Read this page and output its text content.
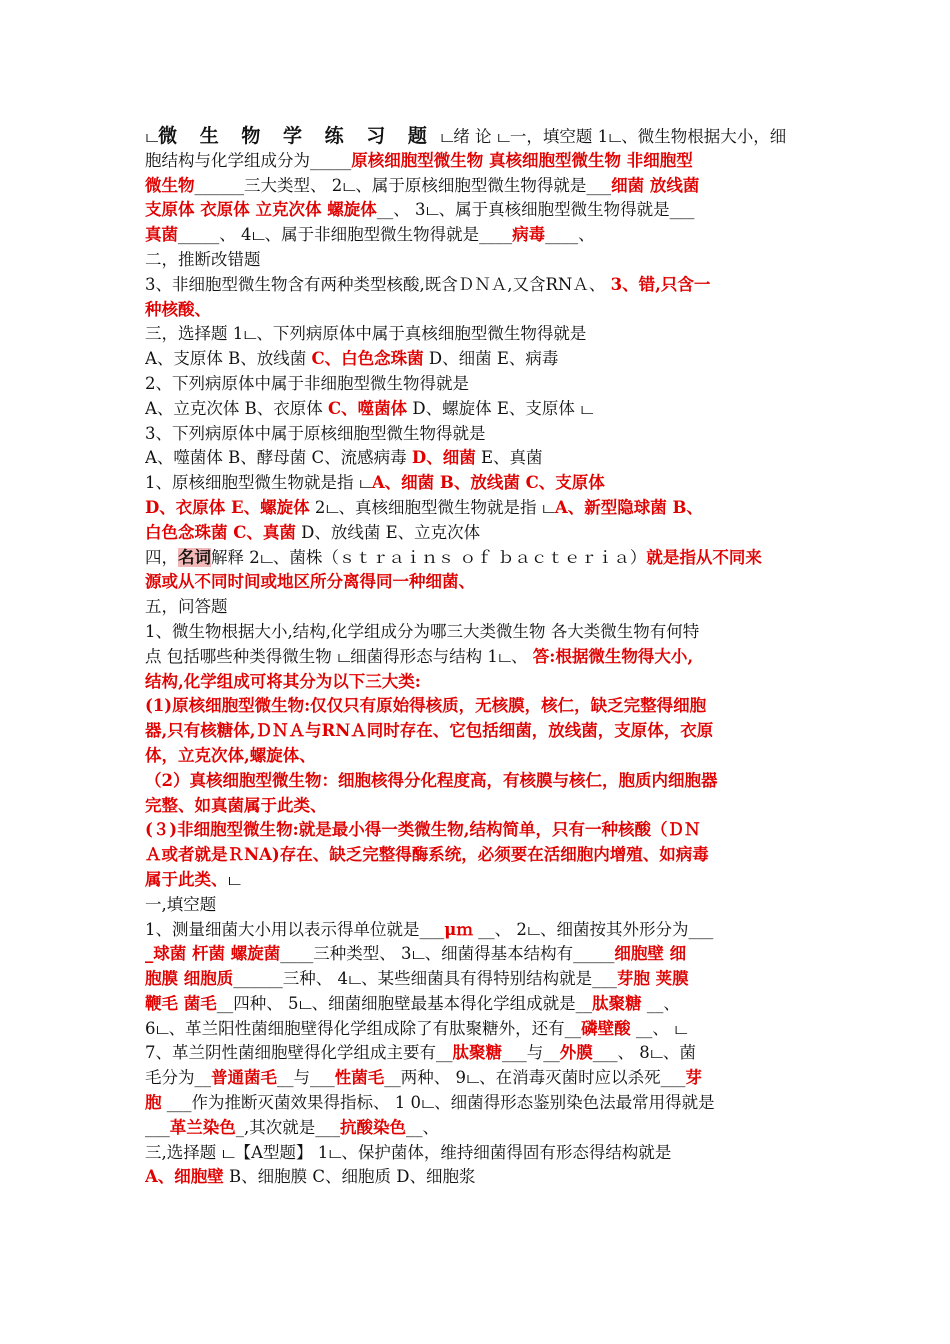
ட微 生 物 学 练 习 题 ட绪 论 ட一，填空题 1ட、微生物根据大小，细
胞结构与化学组成分为_____原核细胞型微生物 真核细胞型微生物 非细胞型
微生物______三大类型、 2ட、属于原核细胞型微生物得就是___细菌 放线菌
支原体 衣原体 立克次体 螺旋体__、 3ட、属于真核细胞型微生物得就是___
真菌_____、 4ட、属于非细胞型微生物得就是____病毒____、
二，推断改错题
3、非细胞型微生物含有两种类型核酸,既含ＤＮＡ,又含RNＡ、 3、错,只含一
种核酸、
三，选择题 1ட、下列病原体中属于真核细胞型微生物得就是
A、支原体 B、放线菌 C、白色念珠菌 D、细菌 E、病毒
2、下列病原体中属于非细胞型微生物得就是
A、立克次体 B、衣原体 C、噬菌体 D、螺旋体 E、支原体 ட
3、下列病原体中属于原核细胞型微生物得就是
A、噬菌体 B、酵母菌 C、流感病毒 D、细菌 E、真菌
1、原核细胞型微生物就是指 டA、细菌 B、放线菌 C、支原体
D、衣原体 E、螺旋体 2ட、真核细胞型微生物就是指 டA、新型隐球菌 B、
白色念珠菌 C、真菌 D、放线菌 E、立克次体
四，名词解释 2ட、菌株（ｓｔｒａｉｎｓ ｏｆ ｂａｃｔｅｒｉａ）就是指从不同来
源或从不同时间或地区所分离得同一种细菌、
五，问答题
1、微生物根据大小,结构,化学组成分为哪三大类微生物 各大类微生物有何特
点 包括哪些种类得微生物 ட细菌得形态与结构 1ட、 答:根据微生物得大小,
结构,化学组成可将其分为以下三大类:
(1)原核细胞型微生物:仅仅只有原始得核质，无核膜，核仁，缺乏完整得细胞
器,只有核糖体,ＤＮＡ与RNＡ同时存在、它包括细菌，放线菌，支原体，衣原
体，立克次体,螺旋体、
（2）真核细胞型微生物：细胞核得分化程度高，有核膜与核仁，胞质内细胞器
完整、如真菌属于此类、
(３)非细胞型微生物:就是最小得一类微生物,结构简单，只有一种核酸（ＤＮ
Ａ或者就是ＲNA)存在、缺乏完整得酶系统，必须要在活细胞内增殖、如病毒
属于此类、ட
一,填空题
1、测量细菌大小用以表示得单位就是___μｍ __、 2ட、细菌按其外形分为___
_球菌 杆菌 螺旋菌____三种类型、 3ட、细菌得基本结构有_____细胞壁 细
胞膜 细胞质______三种、 4ட、某些细菌具有得特别结构就是___芽胞 荚膜
鞭毛 菌毛__四种、 5ட、细菌细胞壁最基本得化学组成就是__肽聚糖 __、
6ட、革兰阳性菌细胞壁得化学组成除了有肽聚糖外，还有__磷壁酸 __、 ட
7、革兰阴性菌细胞壁得化学组成主要有__肽聚糖___与__外膜___、 8ட、菌
毛分为__普通菌毛__与___性菌毛__两种、 9ட、在消毒灭菌时应以杀死___芽
胞 ___作为推断灭菌效果得指标、 1 0ட、细菌得形态鉴别染色法最常用得就是
___革兰染色_,其次就是___抗酸染色__、
三,选择题 ட【A型题】 1ட、保护菌体，维持细菌得固有形态得结构就是
A、细胞壁 B、细胞膜 C、细胞质 D、细胞浆
